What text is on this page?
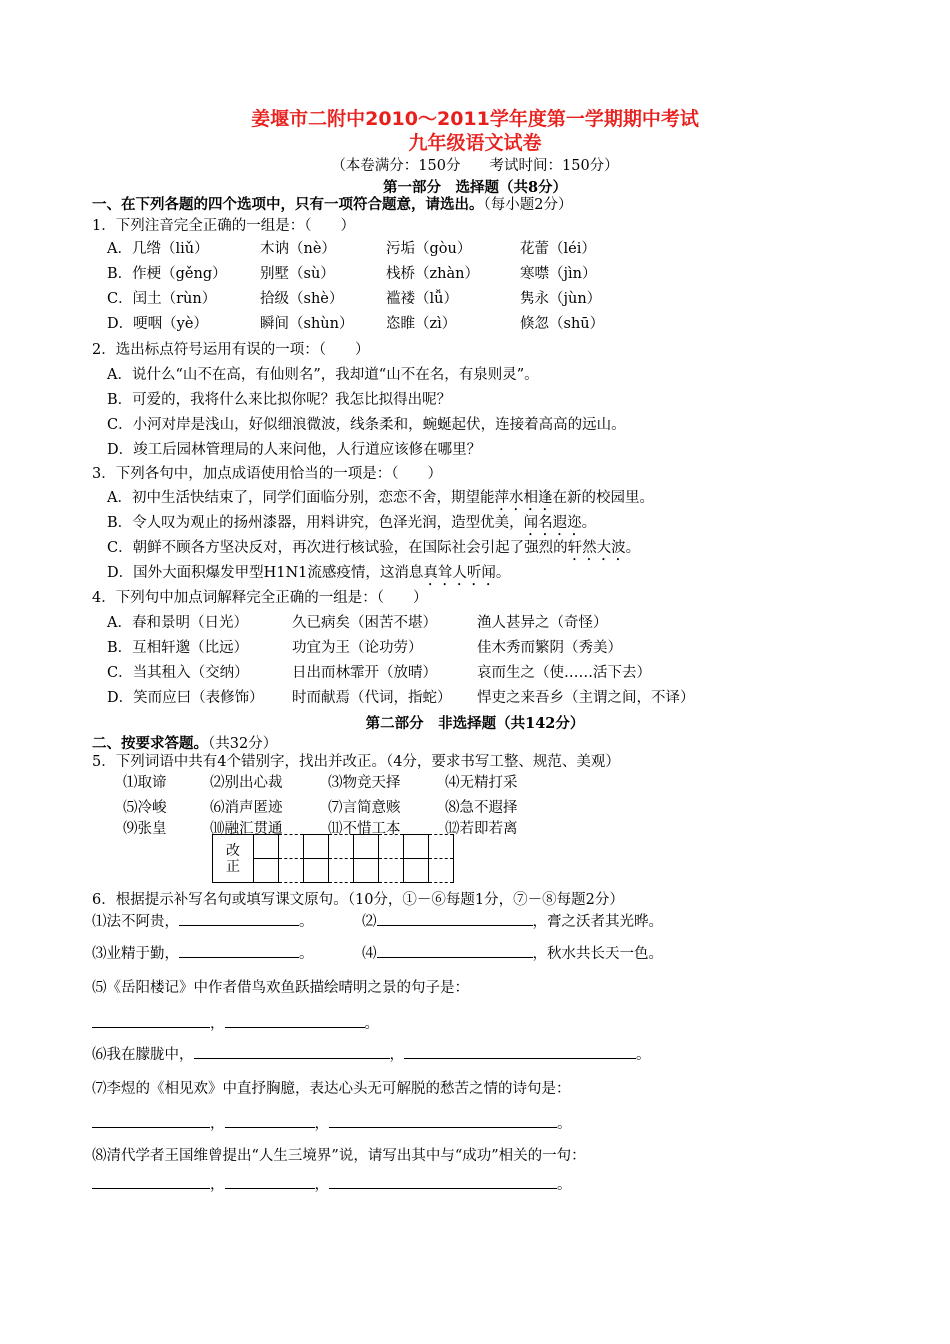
姜堰市二附中2010～2011学年度第一学期期中考试
九年级语文试卷
（本卷满分：150分　　考试时间：150分）
第一部分　选择题（共8分）
一、在下列各题的四个选项中，只有一项符合题意，请选出。（每小题2分）
1．下列注音完全正确的一组是：（　　）
A．几绺（liǔ）	木讷（nè）	污垢（gòu）	花蕾（léi）
B．作梗（gěng） 别墅（sù）	栈桥（zhàn）	寒噤（jìn）
C．闰土（rùn）	拾级（shè）	褴褛（lǚ）	隽永（jùn）
D．哽咽（yè）	瞬间（shùn） 恣睢（zì）	倏忽（shū）
2．选出标点符号运用有误的一项：（　　）
A．说什么“山不在高，有仙则名”，我却道“山不在名，有泉则灵”。
B．可爱的，我将什么来比拟你呢？我怎比拟得出呢？
C．小河对岸是浅山，好似细浪微波，线条柔和，蜿蜒起伏，连接着高高的远山。
D．竣工后园林管理局的人来问他，人行道应该修在哪里？
3．下列各句中，加点成语使用恰当的一项是：（　　）
A．初中生活快结束了，同学们面临分别，恋恋不舍，期望能萍水相逢在新的校园里。
B．令人叹为观止的扬州漆器，用料讲究，色泽光润，造型优美，闻名遐迩。
C．朝鲜不顾各方坚决反对，再次进行核试验，在国际社会引起了强烈的轩然大波。
D．国外大面积爆发甲型H1N1流感疫情，这消息真耸人听闻。
4．下列句中加点词解释完全正确的一组是：（　　）
A．春和景明（日光）	久已病矣（困苦不堪）	渔人甚异之（奇怪）
B．互相轩邈（比远）	功宜为王（论功劳）	佳木秀而繁阴（秀美）
C．当其租入（交纳）	日出而林霏开（放晴）	哀而生之（使……活下去）
D．笑而应曰（表修饰） 时而献焉（代词，指蛇） 悍吏之来吾乡（主谓之间，不译）
第二部分　非选择题（共142分）
二、按要求答题。（共32分）
5．下列词语中共有4个错别字，找出并改正。（4分，要求书写工整、规范、美观）
⑴取谛	⑵别出心裁	⑶物竞天择	⑷无精打采
⑸冷峻	⑹消声匿迹	⑺言简意赅	⑻急不遐择
⑼张皇	⑽融汇贯通	⑾不惜工本	⑿若即若离
改
正								

6．根据提示补写名句或填写课文原句。（10分，①－⑥每题1分，⑦－⑧每题2分）
⑴法不阿贵，	。	⑵	，膏之沃者其光晔。
⑶业精于勤，	。	⑷	，秋水共长天一色。
⑸《岳阳楼记》中作者借鸟欢鱼跃描绘晴明之景的句子是：
，	。
⑹我在朦胧中，	，	。
⑺李煜的《相见欢》中直抒胸臆，表达心头无可解脱的愁苦之情的诗句是：
，	，	。
⑻清代学者王国维曾提出“人生三境界”说，请写出其中与“成功”相关的一句：
，	，	。
